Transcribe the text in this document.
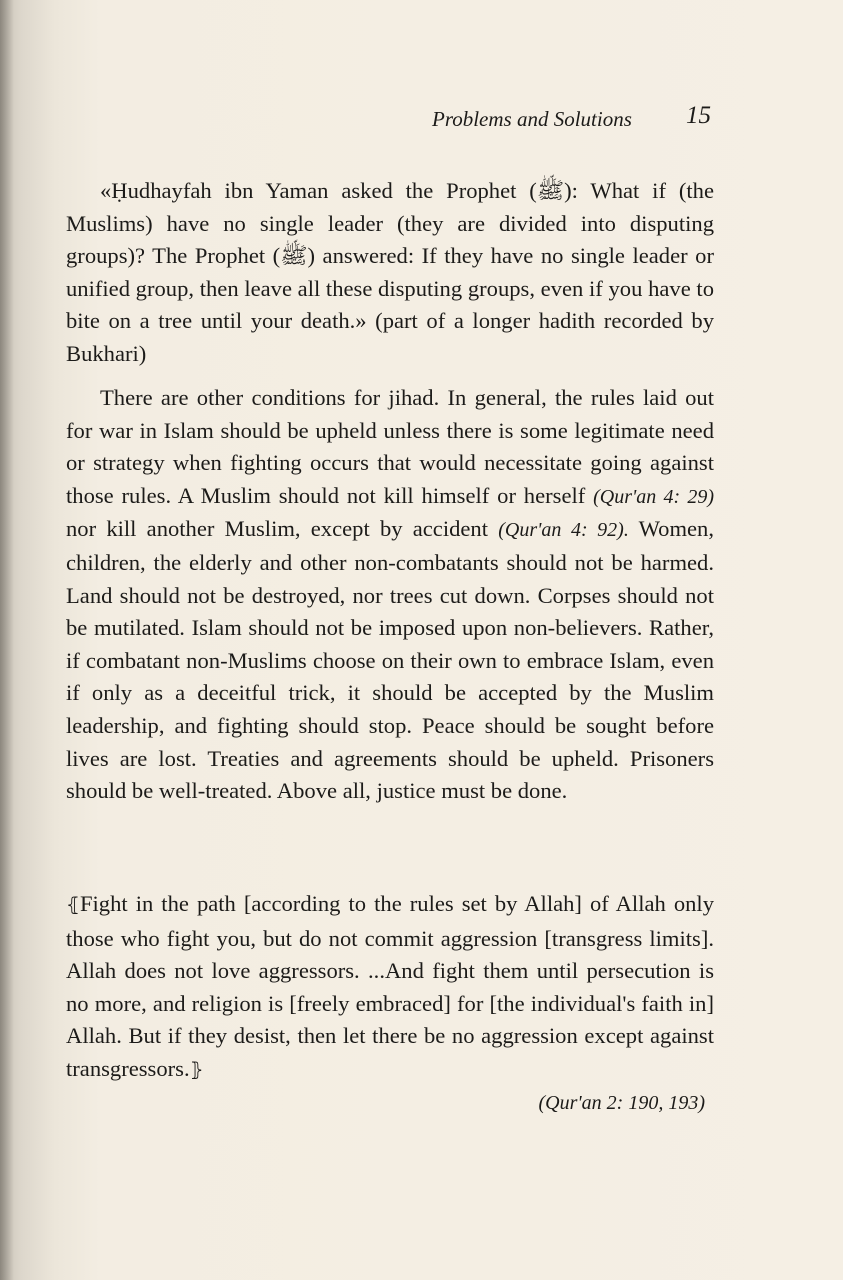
Problems and Solutions 15

«Ḥudhayfah ibn Yaman asked the Prophet (ﷺ): What if (the Muslims) have no single leader (they are divided into disputing groups)? The Prophet (ﷺ) answered: If they have no single leader or unified group, then leave all these disputing groups, even if you have to bite on a tree until your death.» (part of a longer hadith recorded by Bukhari)

There are other conditions for jihad. In general, the rules laid out for war in Islam should be upheld unless there is some legitimate need or strategy when fighting occurs that would necessitate going against those rules. A Muslim should not kill himself or herself (Qur'an 4: 29) nor kill another Muslim, except by accident (Qur'an 4: 92). Women, children, the elderly and other non-combatants should not be harmed. Land should not be destroyed, nor trees cut down. Corpses should not be mutilated. Islam should not be imposed upon non-believers. Rather, if combatant non-Muslims choose on their own to embrace Islam, even if only as a deceitful trick, it should be accepted by the Muslim leadership, and fighting should stop. Peace should be sought before lives are lost. Treaties and agreements should be upheld. Prisoners should be well-treated. Above all, justice must be done.

⦃Fight in the path [according to the rules set by Allah] of Allah only those who fight you, but do not commit aggression [transgress limits]. Allah does not love aggressors. ...And fight them until persecution is no more, and religion is [freely embraced] for [the individual's faith in] Allah. But if they desist, then let there be no aggression except against transgressors.⦄

(Qur'an 2: 190, 193)
